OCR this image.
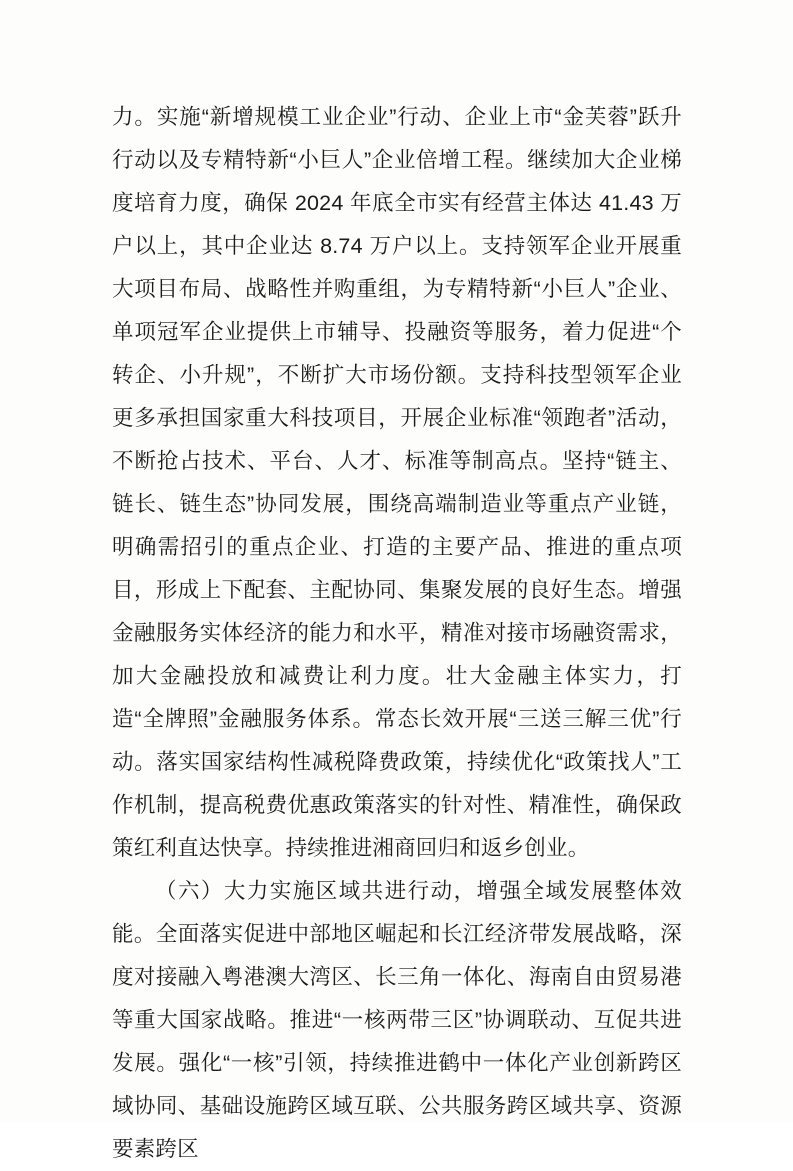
力。实施“新增规模工业企业”行动、企业上市“金芙蓉”跃升行动以及专精特新“小巨人”企业倍增工程。继续加大企业梯度培育力度，确保 2024 年底全市实有经营主体达 41.43 万户以上，其中企业达 8.74 万户以上。支持领军企业开展重大项目布局、战略性并购重组，为专精特新“小巨人”企业、单项冠军企业提供上市辅导、投融资等服务，着力促进“个转企、小升规”，不断扩大市场份额。支持科技型领军企业更多承担国家重大科技项目，开展企业标准“领跑者”活动，不断抢占技术、平台、人才、标准等制高点。坚持“链主、链长、链生态”协同发展，围绕高端制造业等重点产业链，明确需招引的重点企业、打造的主要产品、推进的重点项目，形成上下配套、主配协同、集聚发展的良好生态。增强金融服务实体经济的能力和水平，精准对接市场融资需求，加大金融投放和减费让利力度。壮大金融主体实力，打造“全牌照”金融服务体系。常态长效开展“三送三解三优”行动。落实国家结构性减税降费政策，持续优化“政策找人”工作机制，提高税费优惠政策落实的针对性、精准性，确保政策红利直达快享。持续推进湘商回归和返乡创业。

（六）大力实施区域共进行动，增强全域发展整体效能。全面落实促进中部地区崛起和长江经济带发展战略，深度对接融入粤港澳大湾区、长三角一体化、海南自由贸易港等重大国家战略。推进“一核两带三区”协调联动、互促共进发展。强化“一核”引领，持续推进鹤中一体化产业创新跨区域协同、基础设施跨区域互联、公共服务跨区域共享、资源要素跨区
